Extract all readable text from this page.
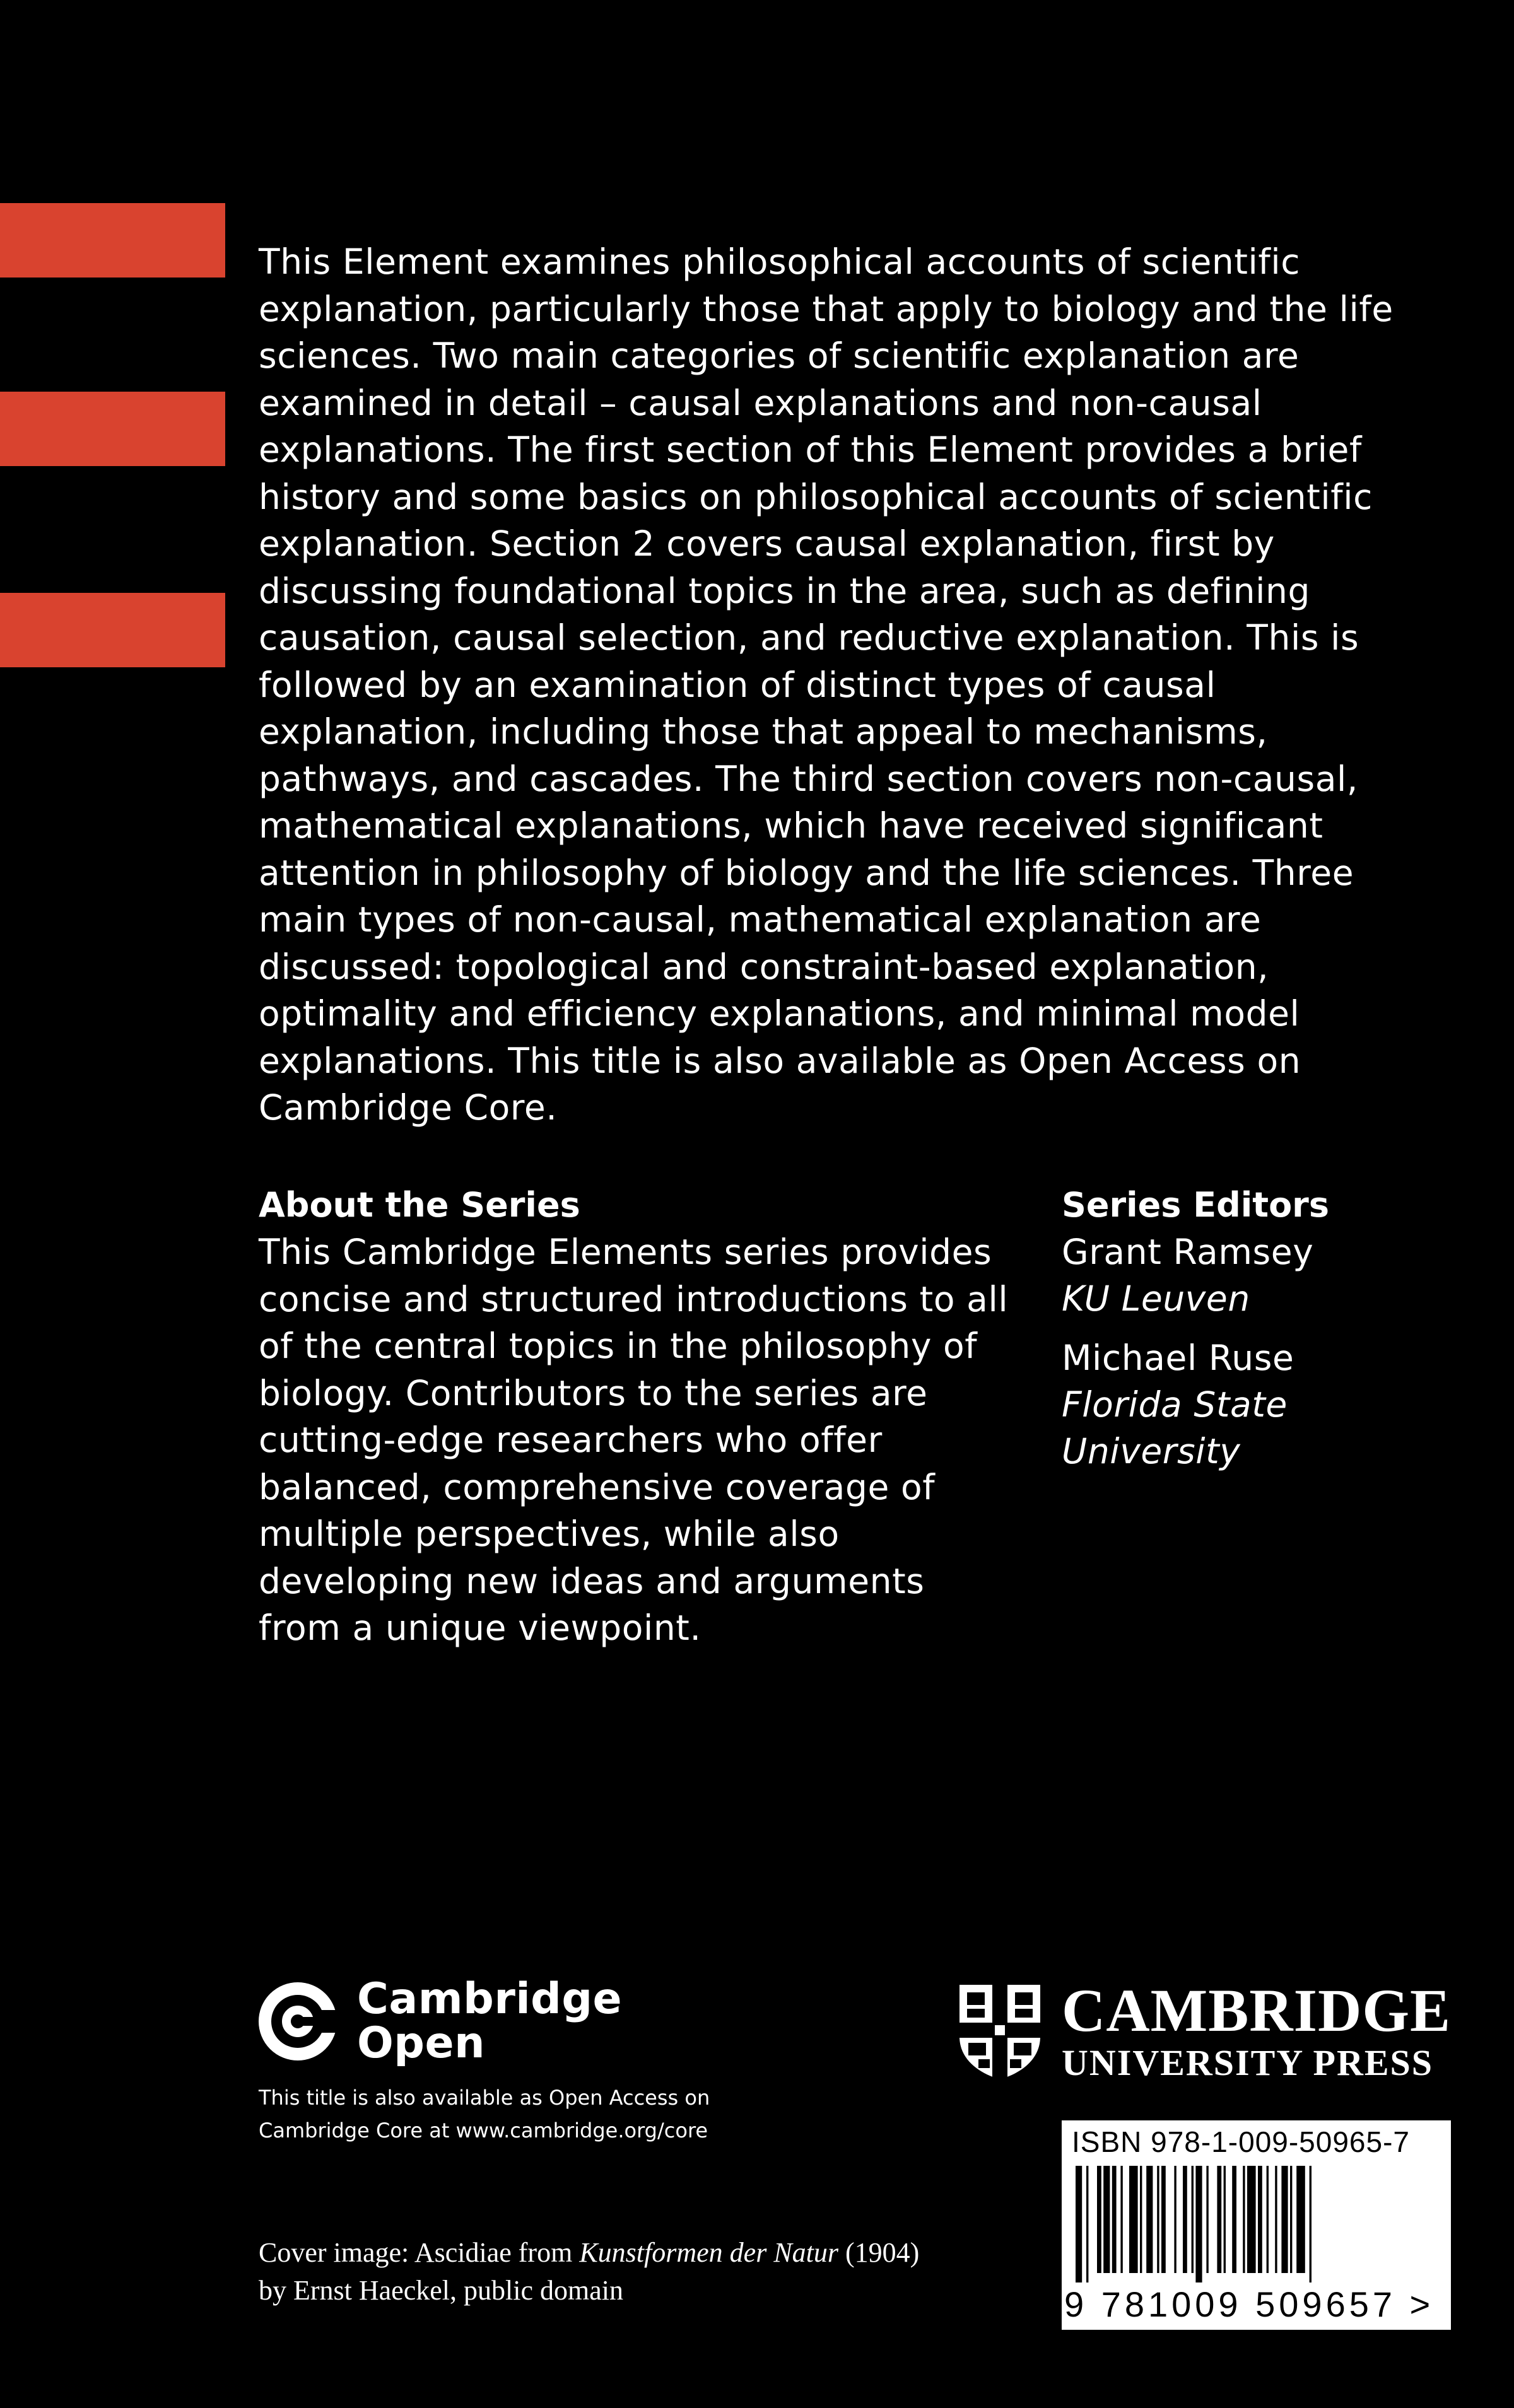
This Element examines philosophical accounts of scientific explanation, particularly those that apply to biology and the life sciences. Two main categories of scientific explanation are examined in detail – causal explanations and non-causal explanations. The first section of this Element provides a brief history and some basics on philosophical accounts of scientific explanation. Section 2 covers causal explanation, first by discussing foundational topics in the area, such as defining causation, causal selection, and reductive explanation. This is followed by an examination of distinct types of causal explanation, including those that appeal to mechanisms, pathways, and cascades. The third section covers non-causal, mathematical explanations, which have received significant attention in philosophy of biology and the life sciences. Three main types of non-causal, mathematical explanation are discussed: topological and constraint-based explanation, optimality and efficiency explanations, and minimal model explanations. This title is also available as Open Access on Cambridge Core.

About the Series

This Cambridge Elements series provides concise and structured introductions to all of the central topics in the philosophy of biology. Contributors to the series are cutting-edge researchers who offer balanced, comprehensive coverage of multiple perspectives, while also developing new ideas and arguments from a unique viewpoint.

Series Editors

Grant Ramsey
KU Leuven
Michael Ruse
Florida State University
Cambridge
Open
This title is also available as Open Access on
Cambridge Core at www.cambridge.org/core
Cover image: Ascidiae from Kunstformen der Natur (1904)
by Ernst Haeckel, public domain
CAMBRIDGE
UNIVERSITY PRESS
ISBN 978-1-009-50965-7
9 781009 509657 >
